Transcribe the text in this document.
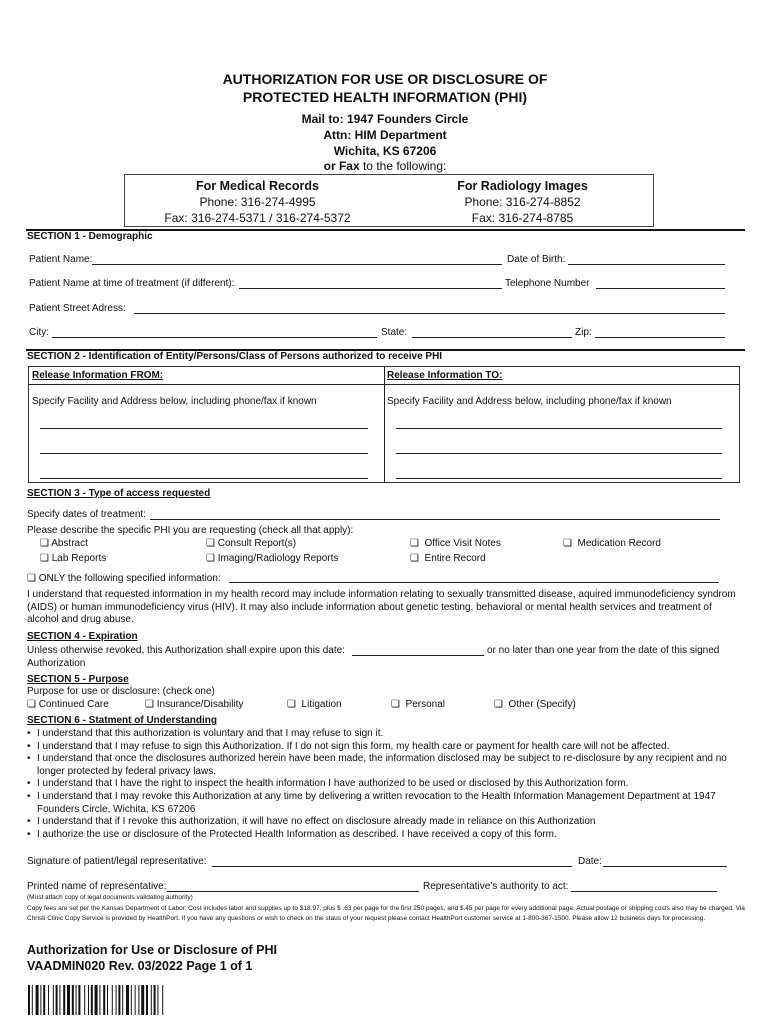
AUTHORIZATION FOR USE OR DISCLOSURE OF
PROTECTED HEALTH INFORMATION (PHI)
Mail to: 1947 Founders Circle
Attn: HIM Department
Wichita, KS 67206
or Fax to the following:
For Medical Records
Phone: 316-274-4995
Fax: 316-274-5371 / 316-274-5372
For Radiology Images
Phone: 316-274-8852
Fax: 316-274-8785
SECTION 1 - Demographic
Patient Name:	Date of Birth:
Patient Name at time of treatment (if different):	Telephone Number
Patient Street Adress:
City:	State:	Zip:
SECTION 2 - Identification of Entity/Persons/Class of Persons authorized to receive PHI
Release Information FROM:	Release Information TO:
Specify Facility and Address below, including phone/fax if known	Specify Facility and Address below, including phone/fax if known
SECTION 3 - Type of access requested
Specify dates of treatment:
Please describe the specific PHI you are requesting (check all that apply):
❏ Abstract	❏ Consult Report(s)	❏ Office Visit Notes	❏ Medication Record
❏ Lab Reports	❏ Imaging/Radiology Reports	❏ Entire Record
❏ ONLY the following specified information:
I understand that requested information in my health record may include information relating to sexually transmitted disease, aquired immunodeficiency syndrom (AIDS) or human immunodeficiency virus (HIV). It may also include information about genetic testing, behavioral or mental health services and treatment of alcohol and drug abuse.
SECTION 4 - Expiration
Unless otherwise revoked, this Authorization shall expire upon this date:	or no later than one year from the date of this signed
Authorization
SECTION 5 - Purpose
Purpose for use or disclosure: (check one)
❏ Continued Care	❏ Insurance/Disability	❏ Litigation	❏ Personal	❏ Other (Specify)
SECTION 6 - Statment of Understanding
• I understand that this authorization is voluntary and that I may refuse to sign it.
• I understand that I may refuse to sign this Authorization. If I do not sign this form, my health care or payment for health care will not be affected.
• I understand that once the disclosures authorized herein have been made, the information disclosed may be subject to re-disclosure by any recipient and no longer protected by federal privacy laws.
• I understand that I have the right to inspect the health information I have authorized to be used or disclosed by this Authorization form.
• I understand that I may revoke this Authorization at any time by delivering a written revocation to the Health Information Management Department at 1947 Founders Circle, Wichita, KS 67206
• I understand that if I revoke this authorization, it will have no effect on disclosure already made in reliance on this Authorization
• I authorize the use or disclosure of the Protected Health Information as described. I have received a copy of this form.
Signature of patient/legal representative:	Date:
Printed name of representative:	Representative’s authority to act:
(Must attach copy of legal documents validating authority)
Copy fees are set per the Kansas Department of Labor. Cost includes labor and supplies up to $18.97, plus $ .63 per page for the first 250 pages, and $.45 per page for every additional page. Actual postage or shipping costs also may be charged. Via Christi Clinic Copy Service is provided by HealthPort. If you have any questions or wish to check on the staus of your request please contact HealthPort customer service at 1-800-367-1500. Please allow 12 business days for processing.
Authorization for Use or Disclosure of PHI
VAADMIN020 Rev. 03/2022 Page 1 of 1
